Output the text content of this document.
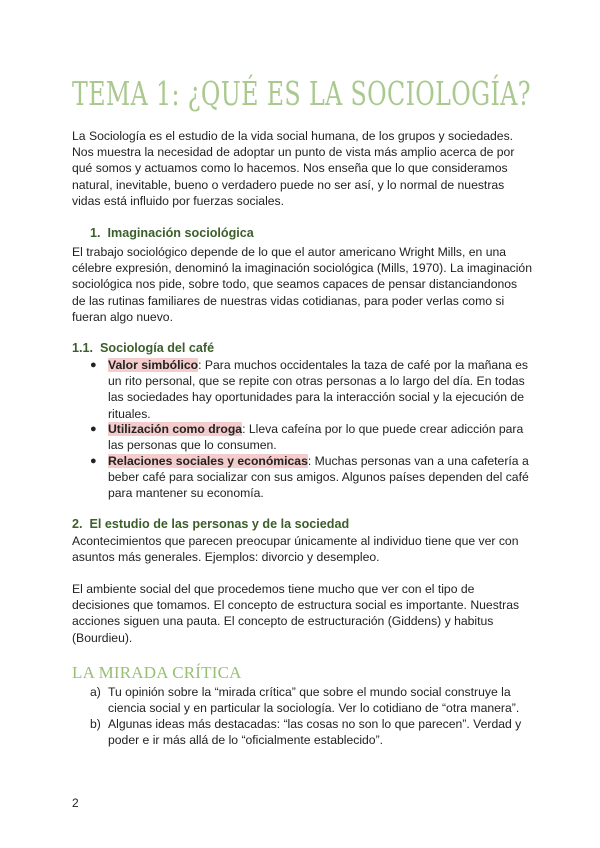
TEMA 1: ¿QUÉ ES LA SOCIOLOGÍA?

La Sociología es el estudio de la vida social humana, de los grupos y sociedades. Nos muestra la necesidad de adoptar un punto de vista más amplio acerca de por qué somos y actuamos como lo hacemos. Nos enseña que lo que consideramos natural, inevitable, bueno o verdadero puede no ser así, y lo normal de nuestras vidas está influido por fuerzas sociales.

1. Imaginación sociológica

El trabajo sociológico depende de lo que el autor americano Wright Mills, en una célebre expresión, denominó la imaginación sociológica (Mills, 1970). La imaginación sociológica nos pide, sobre todo, que seamos capaces de pensar distanciandonos de las rutinas familiares de nuestras vidas cotidianas, para poder verlas como si fueran algo nuevo.

1.1. Sociología del café
● Valor simbólico: Para muchos occidentales la taza de café por la mañana es un rito personal, que se repite con otras personas a lo largo del día. En todas las sociedades hay oportunidades para la interacción social y la ejecución de rituales.

● Utilización como droga: Lleva cafeína por lo que puede crear adicción para las personas que lo consumen.

● Relaciones sociales y económicas: Muchas personas van a una cafetería a beber café para socializar con sus amigos. Algunos países dependen del café para mantener su economía.

2. El estudio de las personas y de la sociedad

Acontecimientos que parecen preocupar únicamente al individuo tiene que ver con asuntos más generales. Ejemplos: divorcio y desempleo.

El ambiente social del que procedemos tiene mucho que ver con el tipo de decisiones que tomamos. El concepto de estructura social es importante. Nuestras acciones siguen una pauta. El concepto de estructuración (Giddens) y habitus (Bourdieu).

LA MIRADA CRÍTICA
a) Tu opinión sobre la “mirada crítica” que sobre el mundo social construye la ciencia social y en particular la sociología. Ver lo cotidiano de “otra manera”.

b) Algunas ideas más destacadas: “las cosas no son lo que parecen”. Verdad y poder e ir más allá de lo “oficialmente establecido”.

2
